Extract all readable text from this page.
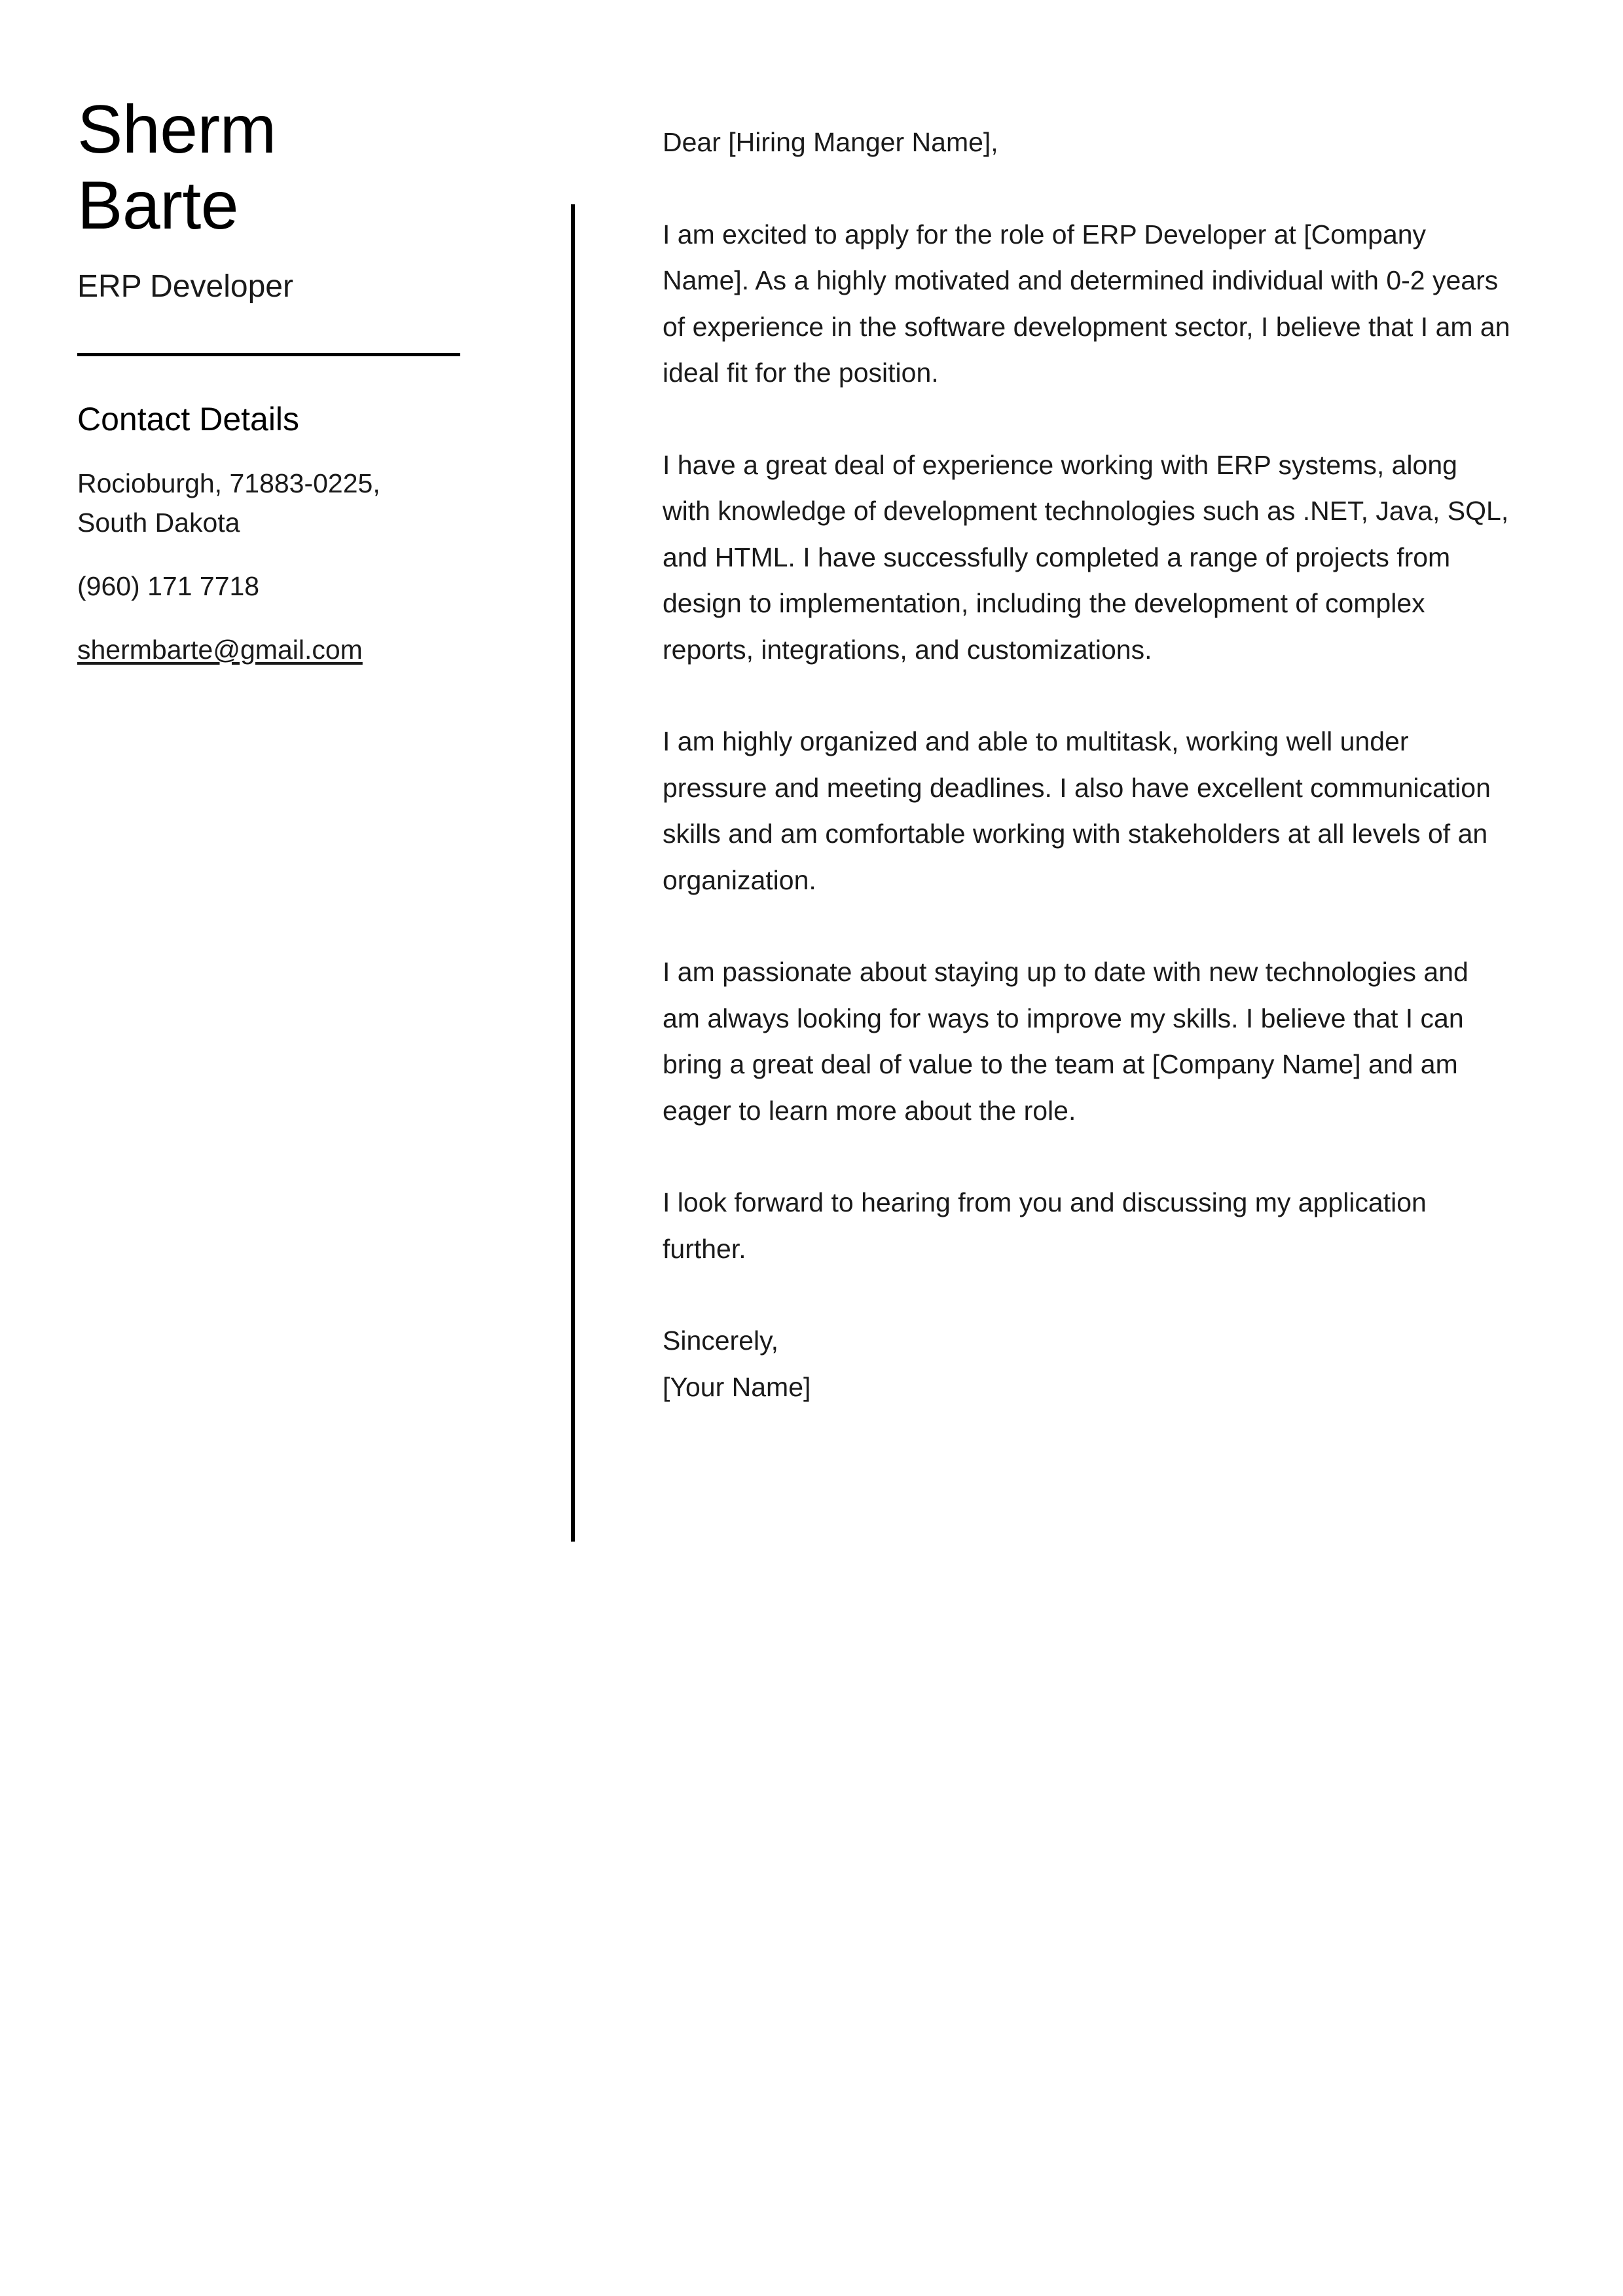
Sherm
Barte
ERP Developer
Contact Details
Rocioburgh, 71883-0225,
South Dakota
(960) 171 7718
shermbarte@gmail.com

Dear [Hiring Manger Name],

I am excited to apply for the role of ERP Developer at [Company Name]. As a highly motivated and determined individual with 0-2 years of experience in the software development sector, I believe that I am an ideal fit for the position.

I have a great deal of experience working with ERP systems, along with knowledge of development technologies such as .NET, Java, SQL, and HTML. I have successfully completed a range of projects from design to implementation, including the development of complex reports, integrations, and customizations.

I am highly organized and able to multitask, working well under pressure and meeting deadlines. I also have excellent communication skills and am comfortable working with stakeholders at all levels of an organization.

I am passionate about staying up to date with new technologies and am always looking for ways to improve my skills. I believe that I can bring a great deal of value to the team at [Company Name] and am eager to learn more about the role.

I look forward to hearing from you and discussing my application further.

Sincerely,
[Your Name]
